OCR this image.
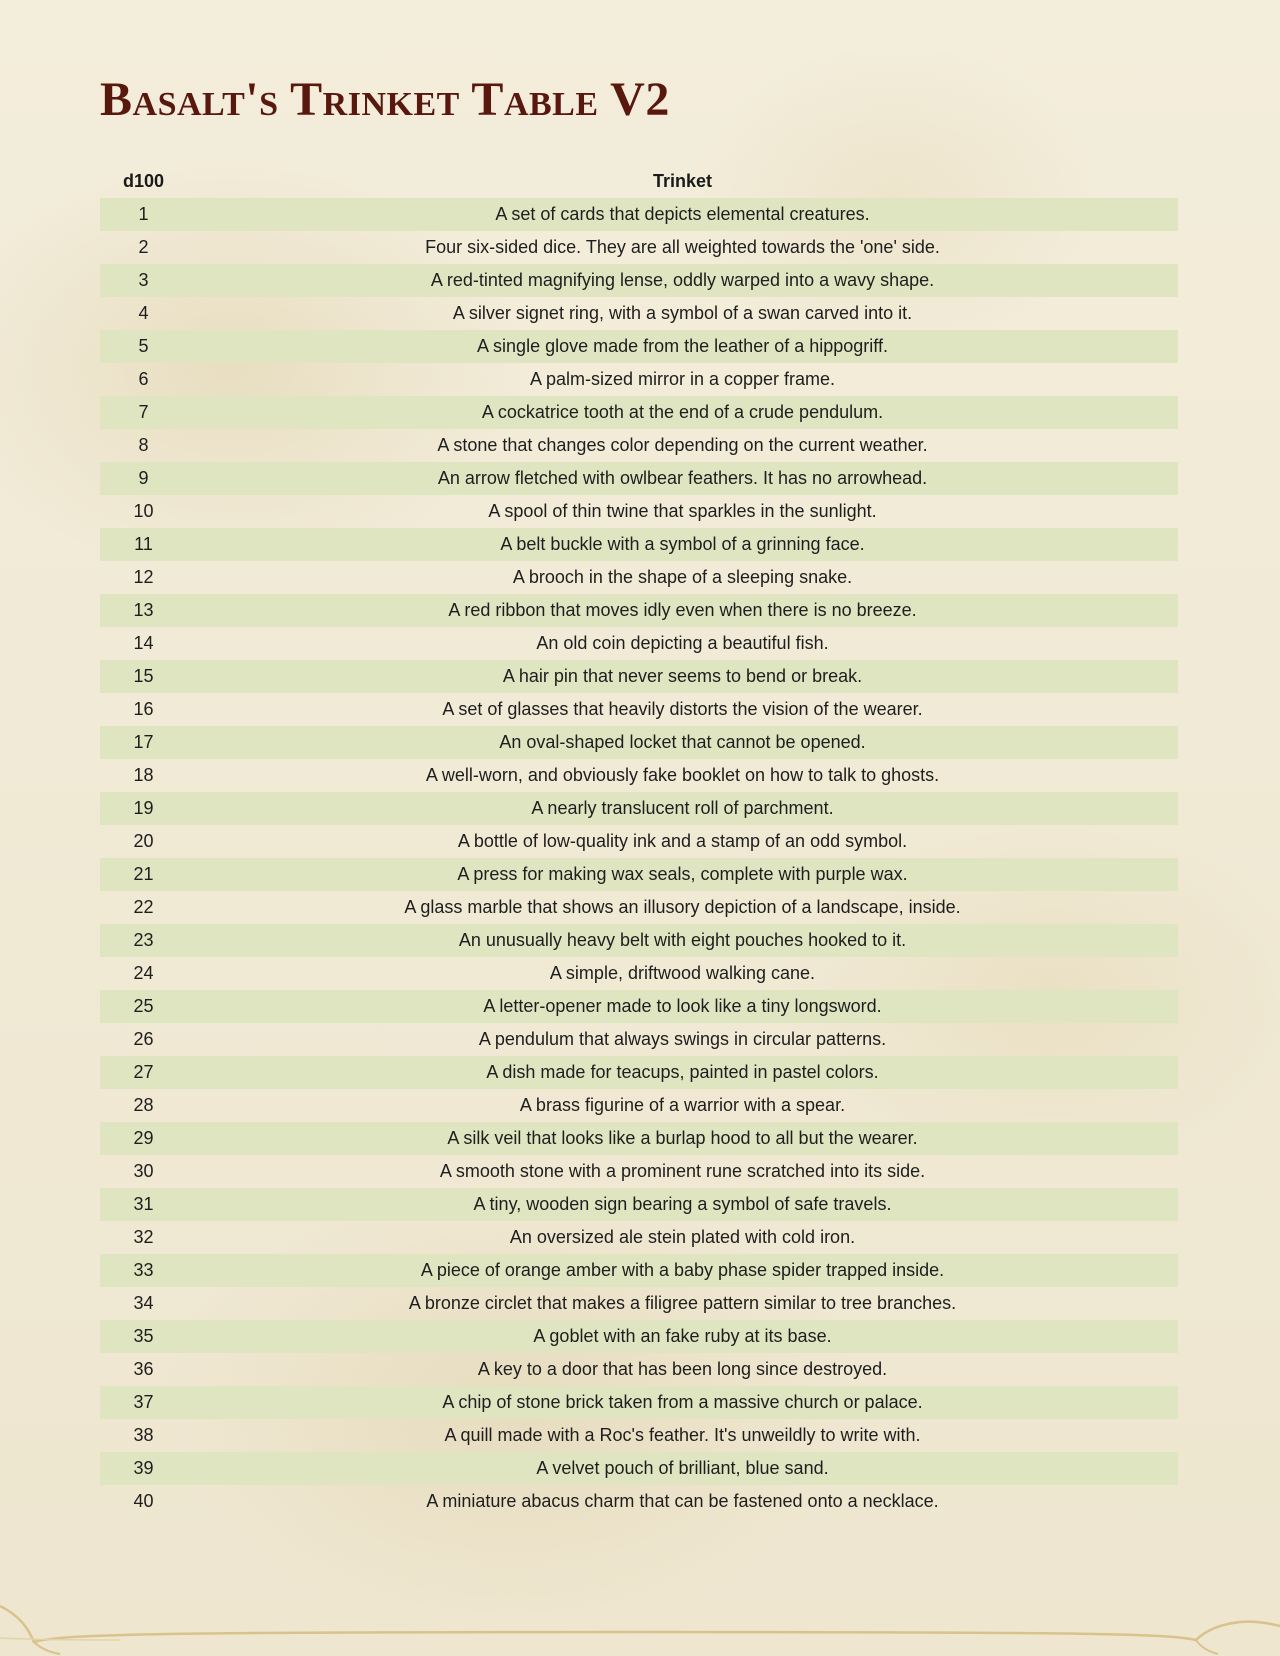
Basalt's Trinket Table V2
d100	Trinket
1	A set of cards that depicts elemental creatures.
2	Four six-sided dice. They are all weighted towards the 'one' side.
3	A red-tinted magnifying lense, oddly warped into a wavy shape.
4	A silver signet ring, with a symbol of a swan carved into it.
5	A single glove made from the leather of a hippogriff.
6	A palm-sized mirror in a copper frame.
7	A cockatrice tooth at the end of a crude pendulum.
8	A stone that changes color depending on the current weather.
9	An arrow fletched with owlbear feathers. It has no arrowhead.
10	A spool of thin twine that sparkles in the sunlight.
11	A belt buckle with a symbol of a grinning face.
12	A brooch in the shape of a sleeping snake.
13	A red ribbon that moves idly even when there is no breeze.
14	An old coin depicting a beautiful fish.
15	A hair pin that never seems to bend or break.
16	A set of glasses that heavily distorts the vision of the wearer.
17	An oval-shaped locket that cannot be opened.
18	A well-worn, and obviously fake booklet on how to talk to ghosts.
19	A nearly translucent roll of parchment.
20	A bottle of low-quality ink and a stamp of an odd symbol.
21	A press for making wax seals, complete with purple wax.
22	A glass marble that shows an illusory depiction of a landscape, inside.
23	An unusually heavy belt with eight pouches hooked to it.
24	A simple, driftwood walking cane.
25	A letter-opener made to look like a tiny longsword.
26	A pendulum that always swings in circular patterns.
27	A dish made for teacups, painted in pastel colors.
28	A brass figurine of a warrior with a spear.
29	A silk veil that looks like a burlap hood to all but the wearer.
30	A smooth stone with a prominent rune scratched into its side.
31	A tiny, wooden sign bearing a symbol of safe travels.
32	An oversized ale stein plated with cold iron.
33	A piece of orange amber with a baby phase spider trapped inside.
34	A bronze circlet that makes a filigree pattern similar to tree branches.
35	A goblet with an fake ruby at its base.
36	A key to a door that has been long since destroyed.
37	A chip of stone brick taken from a massive church or palace.
38	A quill made with a Roc's feather. It's unweildly to write with.
39	A velvet pouch of brilliant, blue sand.
40	A miniature abacus charm that can be fastened onto a necklace.
